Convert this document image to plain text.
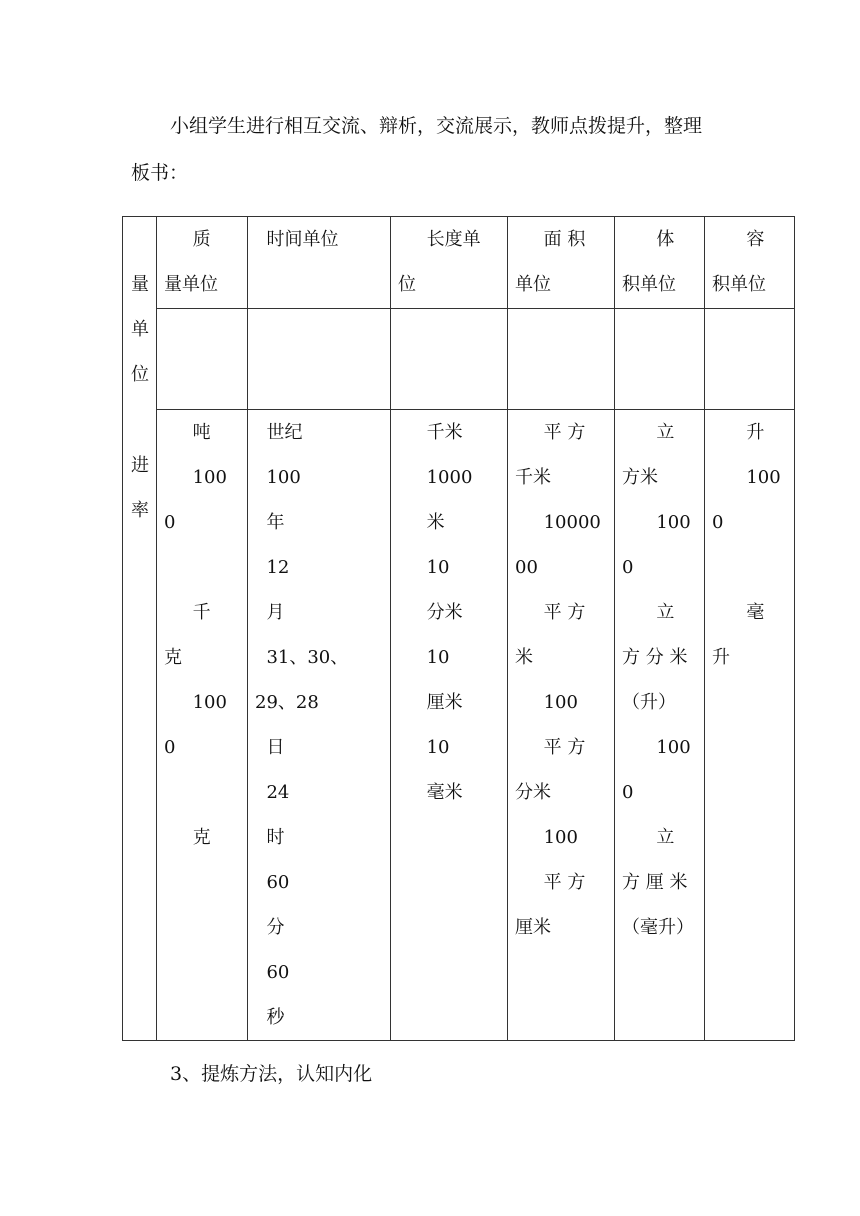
小组学生进行相互交流、辩析，交流展示，教师点拨提升，整理
板书：
量
单
位
进
率
质
量单位
时间单位	长度单
位
面 积
单位
体
积单位
容
积单位
吨
100
0

千
克
100
0

克
世纪
100
年
12
月
31、30、
29、28
日
24
时
60
分
60
秒
千米
1000
米
10
分米
10
厘米
10
毫米
平 方
千米
10000
00
平 方
米
100
平 方
分米
100
平 方
厘米
立
方米
100
0
立
方 分 米
（升）
100
0
立
方 厘 米
（毫升）
升
100
0

毫
升
3、提炼方法，认知内化
